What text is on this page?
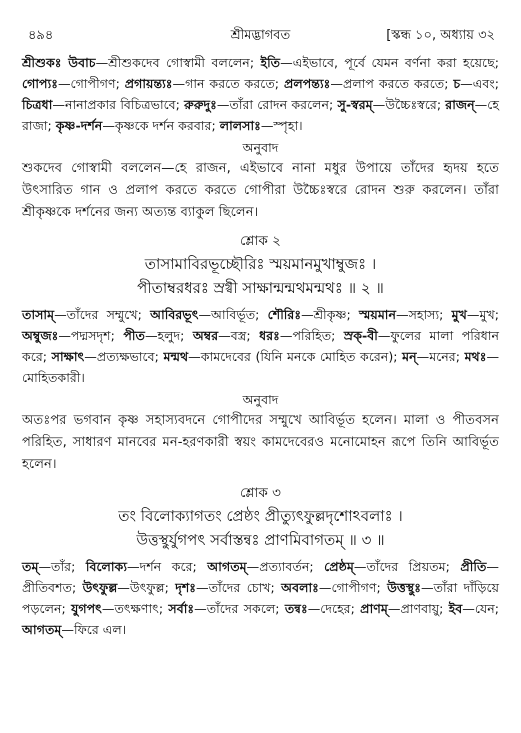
৪৯৪	শ্রীমদ্ভাগবত	[স্কন্ধ ১০, অধ্যায় ৩২
শ্রীশুকঃ উবাচ—শ্রীশুকদেব গোস্বামী বললেন; ইতি—এইভাবে, পূর্বে যেমন বর্ণনা করা হয়েছে; গোপ্যঃ—গোপীগণ; প্রগায়ন্ত্যঃ—গান করতে করতে; প্রলপন্ত্যঃ—প্রলাপ করতে করতে; চ—এবং; চিত্রধা—নানাপ্রকার বিচিত্রভাবে; রুরুদুঃ—তাঁরা রোদন করলেন; সু-স্বরম্—উচ্চৈঃস্বরে; রাজন্—হে রাজা; কৃষ্ণ-দর্শন—কৃষ্ণকে দর্শন করবার; লালসাঃ—স্পৃহা।
অনুবাদ
শুকদেব গোস্বামী বললেন—হে রাজন, এইভাবে নানা মধুর উপায়ে তাঁদের হৃদয় হতে উৎসারিত গান ও প্রলাপ করতে করতে গোপীরা উচ্চৈঃস্বরে রোদন শুরু করলেন। তাঁরা শ্রীকৃষ্ণকে দর্শনের জন্য অত্যন্ত ব্যাকুল ছিলেন।
শ্লোক ২
তাসামাবিরভূচ্ছৌরিঃ স্ময়মানমুখাম্বুজঃ ।
পীতাম্বরধরঃ স্রগ্বী সাক্ষান্মন্মথমন্মথঃ ॥ ২ ॥
তাসাম্—তাঁদের সম্মুখে; আবিরভূৎ—আবির্ভূত; শৌরিঃ—শ্রীকৃষ্ণ; স্ময়মান—সহাস্য; মুখ—মুখ; অম্বুজঃ—পদ্মসদৃশ; পীত—হলুদ; অম্বর—বস্ত্র; ধরঃ—পরিহিত; স্রক্-বী—ফুলের মালা পরিধান করে; সাক্ষাৎ—প্রত্যক্ষভাবে; মন্মথ—কামদেবের (যিনি মনকে মোহিত করেন); মন্—মনের; মথঃ—মোহিতকারী।
অনুবাদ
অতঃপর ভগবান কৃষ্ণ সহাস্যবদনে গোপীদের সম্মুখে আবির্ভূত হলেন। মালা ও পীতবসন পরিহিত, সাধারণ মানবের মন-হরণকারী স্বয়ং কামদেবেরও মনোমোহন রূপে তিনি আবির্ভূত হলেন।
শ্লোক ৩
তং বিলোক্যাগতং প্রেষ্ঠং প্রীত্যুৎফুল্লদৃশোঽবলাঃ ।
উত্তস্থুর্যুগপৎ সর্বাস্তন্বঃ প্রাণমিবাগতম্ ॥ ৩ ॥
তম্—তাঁর; বিলোক্য—দর্শন করে; আগতম্—প্রত্যাবর্তন; প্রেষ্ঠম্—তাঁদের প্রিয়তম; প্রীতি—প্রীতিবশত; উৎফুল্ল—উৎফুল্ল; দৃশঃ—তাঁদের চোখ; অবলাঃ—গোপীগণ; উত্তস্থুঃ—তাঁরা দাঁড়িয়ে পড়লেন; যুগপৎ—তৎক্ষণাৎ; সর্বাঃ—তাঁদের সকলে; তন্বঃ—দেহের; প্রাণম্—প্রাণবায়ু; ইব—যেন; আগতম্—ফিরে এল।
